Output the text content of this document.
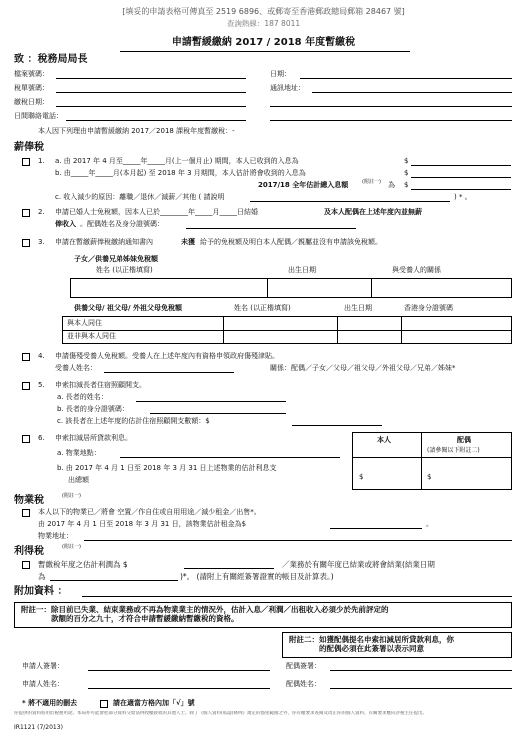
[填妥的申請表格可傳真至 2519 6896、或郵寄至香港郵政總局郵箱 28467 號]
查詢熱線：187 8011
申請暫緩繳納 2017 / 2018 年度暫繳稅
致 ：稅務局局長
檔案號碼：	日期：
稅單號碼：	通訊地址：
繳稅日期：
日間聯絡電話：
本人因下列理由申請暫緩繳納 2017／2018 課稅年度暫繳稅：-
薪俸稅
1. a. 由 2017 年 4 月至_____年_____月(上一個月止) 期間，本人已收到的入息為	$
b. 由_____年_____月(本月起) 至 2018 年 3 月期間，本人估計將會收到的入息為	$
2017/18 全年估計總入息額	(附註一) 為 $
c. 收入減少的原因：離職／退休／減薪／其他 ( 請說明	) * 。
2. 申請已婚人士免稅額，因本人已於________年_____月_____日結婚	及本人配偶在上述年度內並無薪
俸收入 。配偶姓名及身分證號碼：
3. 申請在暫繳薪俸稅繳納通知書內	未獲 給予的免稅額及明白本人配偶／親屬並沒有申請該免稅額。
子女／供養兄弟姊妹免稅額
姓名 (以正楷填寫)	出生日期	與受養人的關係
供養父母/ 祖父母/ 外祖父母免稅額	姓名 (以正楷填寫)	出生日期	香港身分證號碼
與本人同住
並非與本人同住
4. 申請傷殘受養人免稅額。受養人在上述年度內有資格申領政府傷殘津貼。
受養人姓名：	關係：配偶／子女／父母／祖父母／外祖父母／兄弟／姊妹*
5. 申索扣減長者住宿照顧開支。
a. 長者的姓名：
b. 長者的身分證號碼：
c. 該長者在上述年度的估計住宿照顧開支數額：$
6. 申索扣減居所貸款利息。
a. 物業地點：
b. 由 2017 年 4 月 1 日至 2018 年 3 月 31 日上述物業的估計利息支
出總額
本人	配偶
(請參閱以下附註二)
$	$
物業稅	(附註一)
本人以下的物業已／將會 空置／作自住或自用用途／減少租金／出售*。
由 2017 年 4 月 1 日至 2018 年 3 月 31 日，該物業估計租金為$	。
物業地址：
利得稅	(附註一)
暫繳稅年度之估計利潤為 $	／業務於有關年度已結業或將會結業(結業日期
為	)*。 (請附上有關經簽署證實的帳目及計算表。)
附加資料 ：
附註一：除目前已失業、結束業務或不再為物業業主的情況外，估計入息／利潤／出租收入必須少於先前評定的
款額的百分之九十，才符合申請暫緩繳納暫繳稅的資格。
附註二：如獲配偶提名申索扣減居所貸款利息，你
的配偶必須在此簽署以表示同意
申請人簽署：	配偶簽署：
申請人姓名：	配偶姓名：
* 將不適用的刪去	請在適當方格內加「√」號
你提供的資料將用於稅務用途。本局亦可能會把部分資料交給法例授權接收的其他人士。除了《個人資料(私隱)條例》規定的豁免範圍之外，你有權要求查閱及改正你的個人資料。有關要求應向評稅主任提出。
IR1121 (7/2013)
